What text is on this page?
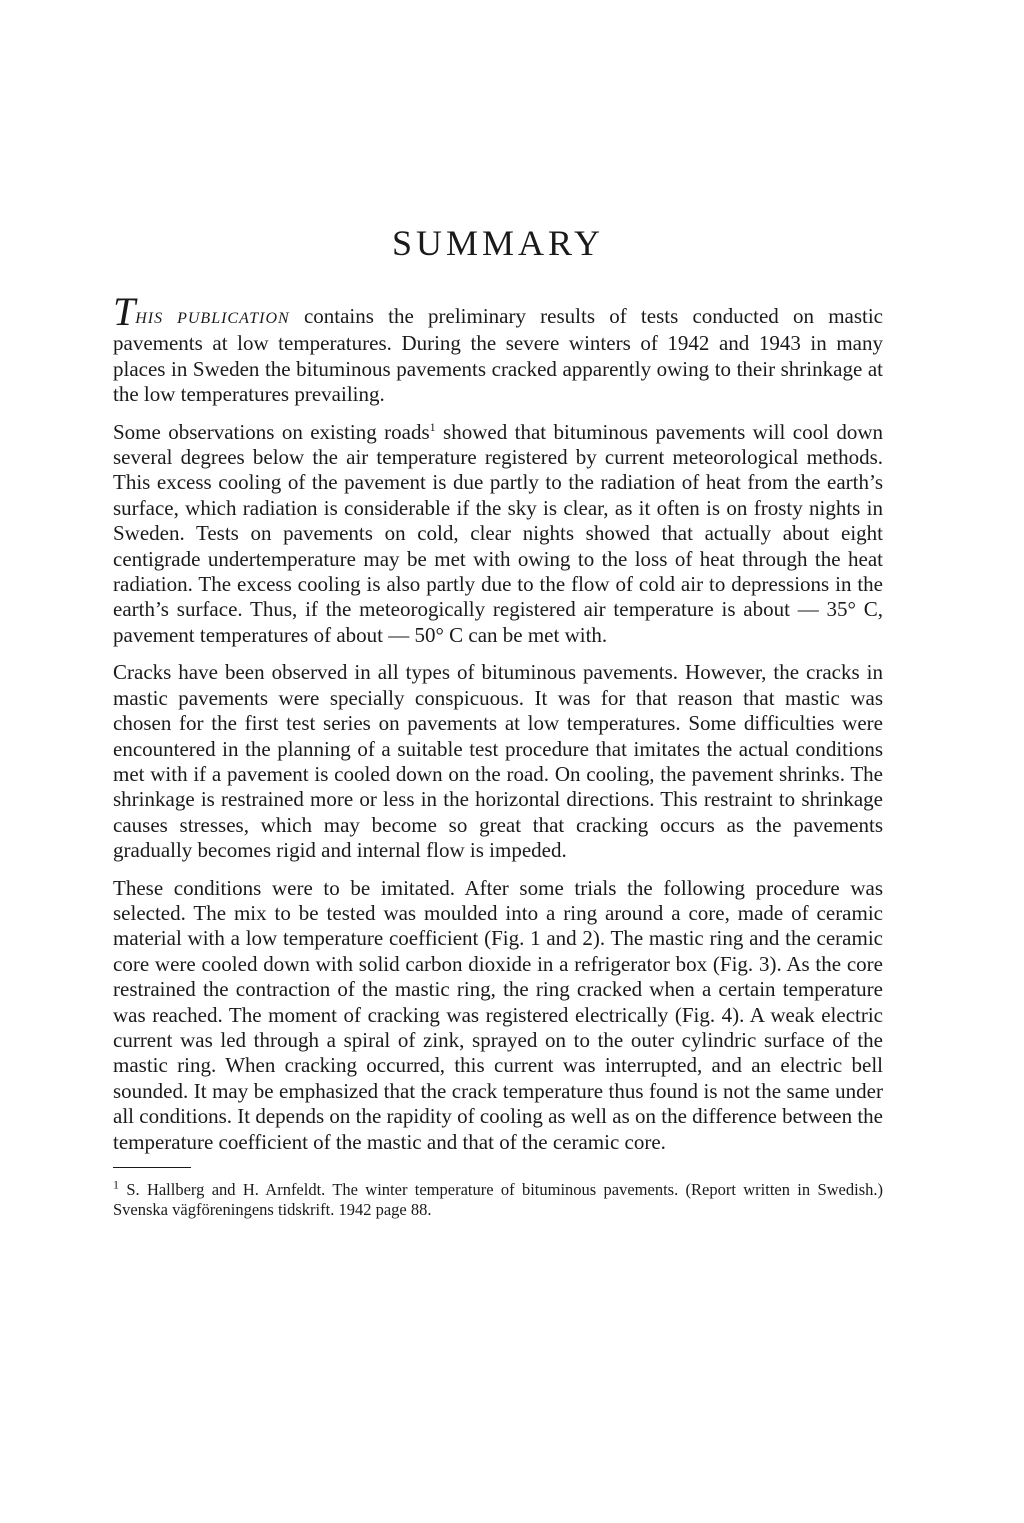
SUMMARY

THIS PUBLICATION contains the preliminary results of tests conducted on mastic pavements at low temperatures. During the severe winters of 1942 and 1943 in many places in Sweden the bituminous pavements cracked apparently owing to their shrinkage at the low temperatures prevailing.

Some observations on existing roads$^1$ showed that bituminous pavements will cool down several degrees below the air temperature registered by current meteorological methods. This excess cooling of the pavement is due partly to the radiation of heat from the earth’s surface, which radiation is considerable if the sky is clear, as it often is on frosty nights in Sweden. Tests on pavements on cold, clear nights showed that actually about eight centigrade undertemperature may be met with owing to the loss of heat through the heat radiation. The excess cooling is also partly due to the flow of cold air to depressions in the earth’s surface. Thus, if the meteorogically registered air temperature is about — 35° C, pavement temperatures of about — 50° C can be met with.

Cracks have been observed in all types of bituminous pavements. However, the cracks in mastic pavements were specially conspicuous. It was for that reason that mastic was chosen for the first test series on pavements at low temperatures. Some difficulties were encountered in the planning of a suitable test procedure that imitates the actual conditions met with if a pavement is cooled down on the road. On cooling, the pavement shrinks. The shrinkage is restrained more or less in the horizontal directions. This restraint to shrinkage causes stresses, which may become so great that cracking occurs as the pavements gradually becomes rigid and internal flow is impeded.

These conditions were to be imitated. After some trials the following procedure was selected. The mix to be tested was moulded into a ring around a core, made of ceramic material with a low temperature coefficient (Fig. 1 and 2). The mastic ring and the ceramic core were cooled down with solid carbon dioxide in a refrigerator box (Fig. 3). As the core restrained the contraction of the mastic ring, the ring cracked when a certain temperature was reached. The moment of cracking was registered electrically (Fig. 4). A weak electric current was led through a spiral of zink, sprayed on to the outer cylindric surface of the mastic ring. When cracking occurred, this current was interrupted, and an electric bell sounded. It may be emphasized that the crack temperature thus found is not the same under all conditions. It depends on the rapidity of cooling as well as on the difference between the temperature coefficient of the mastic and that of the ceramic core.

$^1$ S. Hallberg and H. Arnfeldt. The winter temperature of bituminous pavements. (Report written in Swedish.) Svenska vägföreningens tidskrift. 1942 page 88.
